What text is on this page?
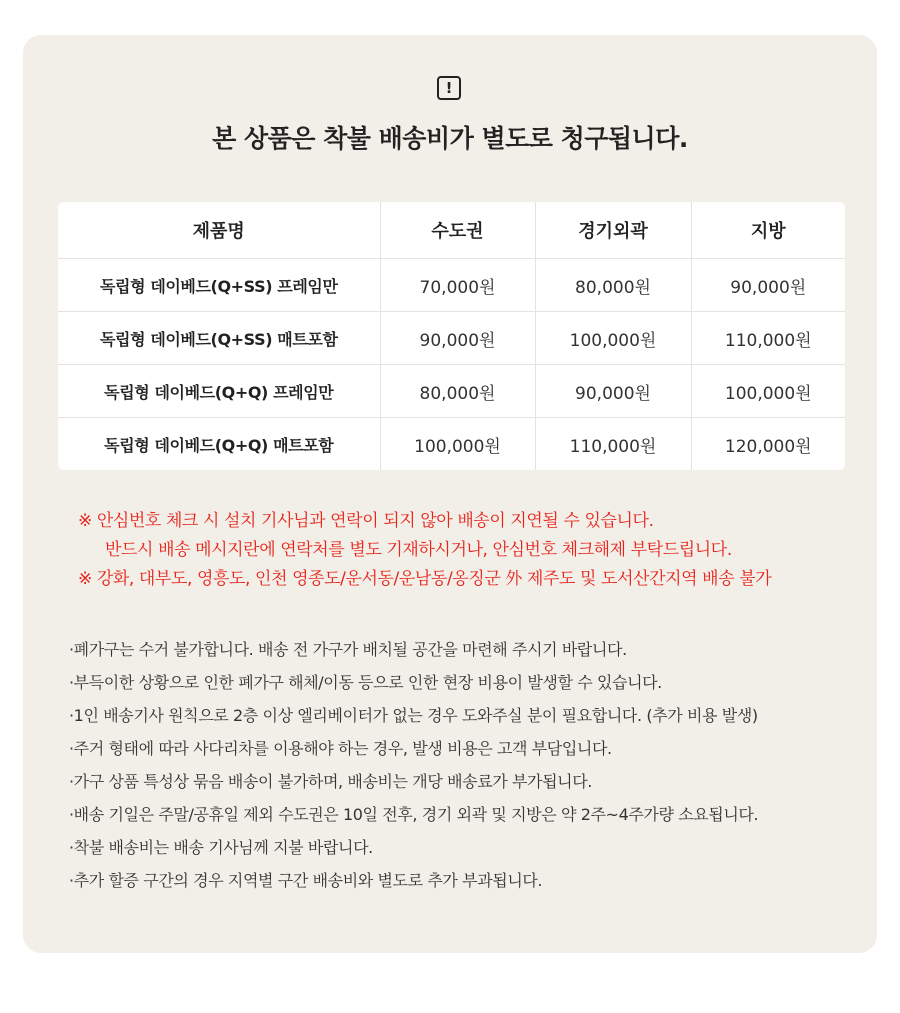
!
본 상품은 착불 배송비가 별도로 청구됩니다.
제품명	수도권	경기외곽	지방
독립형 데이베드(Q+SS) 프레임만	70,000원	80,000원	90,000원
독립형 데이베드(Q+SS) 매트포함	90,000원	100,000원	110,000원
독립형 데이베드(Q+Q) 프레임만	80,000원	90,000원	100,000원
독립형 데이베드(Q+Q) 매트포함	100,000원	110,000원	120,000원
※ 안심번호 체크 시 설치 기사님과 연락이 되지 않아 배송이 지연될 수 있습니다.
반드시 배송 메시지란에 연락처를 별도 기재하시거나, 안심번호 체크해제 부탁드립니다.
※ 강화, 대부도, 영흥도, 인천 영종도/운서동/운남동/옹징군 外 제주도 및 도서산간지역 배송 불가
·폐가구는 수거 불가합니다. 배송 전 가구가 배치될 공간을 마련해 주시기 바랍니다.
·부득이한 상황으로 인한 폐가구 해체/이동 등으로 인한 현장 비용이 발생할 수 있습니다.
·1인 배송기사 원칙으로 2층 이상 엘리베이터가 없는 경우 도와주실 분이 필요합니다. (추가 비용 발생)
·주거 형태에 따라 사다리차를 이용해야 하는 경우, 발생 비용은 고객 부담입니다.
·가구 상품 특성상 묶음 배송이 불가하며, 배송비는 개당 배송료가 부가됩니다.
·배송 기일은 주말/공휴일 제외 수도권은 10일 전후, 경기 외곽 및 지방은 약 2주~4주가량 소요됩니다.
·착불 배송비는 배송 기사님께 지불 바랍니다.
·추가 할증 구간의 경우 지역별 구간 배송비와 별도로 추가 부과됩니다.
